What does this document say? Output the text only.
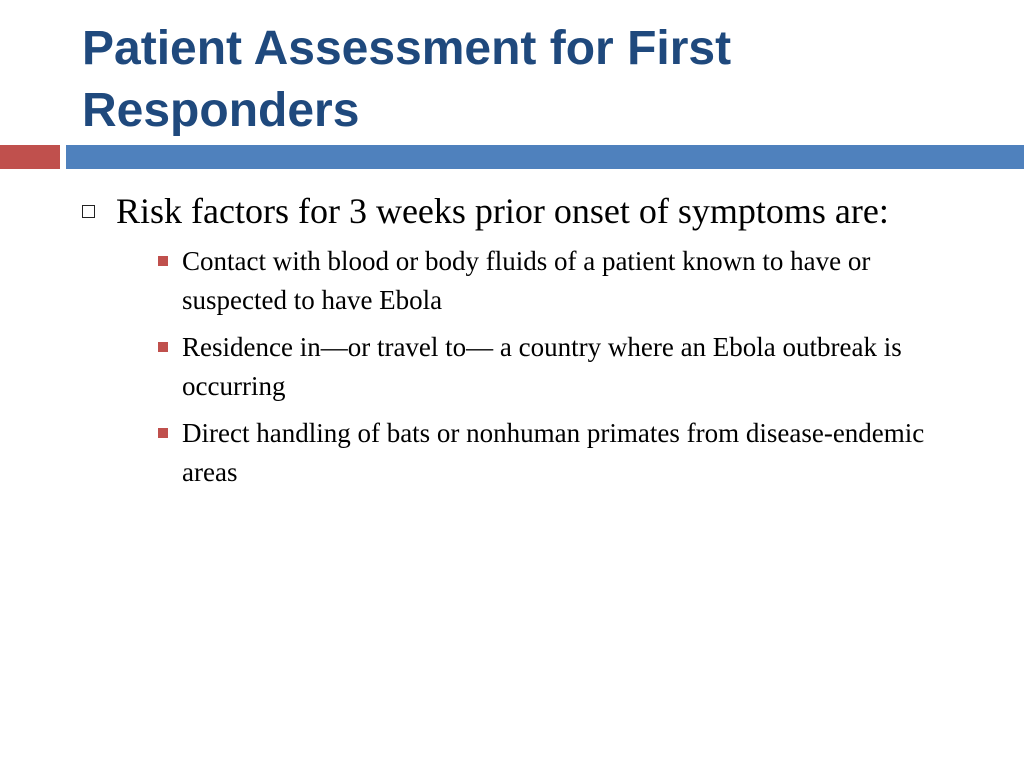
Patient Assessment for First Responders
Risk factors for 3 weeks prior onset of symptoms are:
Contact with blood or body fluids of a patient known to have or suspected to have Ebola
Residence in—or travel to— a country where an Ebola outbreak is occurring
Direct handling of bats or nonhuman primates from disease-endemic areas
